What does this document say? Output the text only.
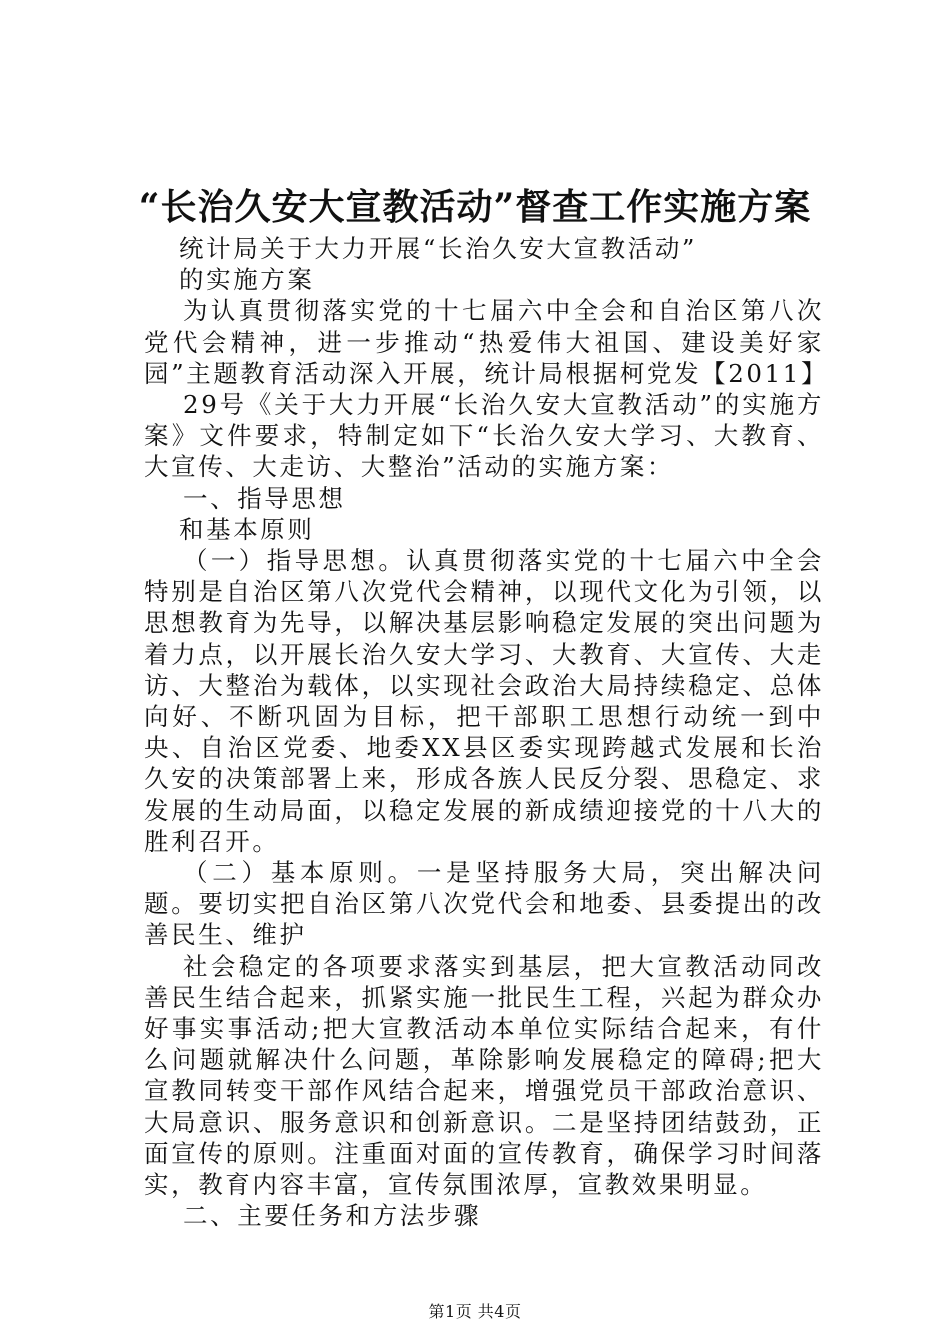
“长治久安大宣教活动”督查工作实施方案

统计局关于大力开展“长治久安大宣教活动”

的实施方案

为认真贯彻落实党的十七届六中全会和自治区第八次党代会精神，进一步推动“热爱伟大祖国、建设美好家园”主题教育活动深入开展，统计局根据柯党发【2011】

29号《关于大力开展“长治久安大宣教活动”的实施方案》文件要求，特制定如下“长治久安大学习、大教育、大宣传、大走访、大整治”活动的实施方案：

一、指导思想

和基本原则

（一）指导思想。认真贯彻落实党的十七届六中全会特别是自治区第八次党代会精神，以现代文化为引领，以思想教育为先导，以解决基层影响稳定发展的突出问题为着力点，以开展长治久安大学习、大教育、大宣传、大走访、大整治为载体，以实现社会政治大局持续稳定、总体向好、不断巩固为目标，把干部职工思想行动统一到中央、自治区党委、地委XX县区委实现跨越式发展和长治久安的决策部署上来，形成各族人民反分裂、思稳定、求发展的生动局面，以稳定发展的新成绩迎接党的十八大的胜利召开。

（二）基本原则。一是坚持服务大局，突出解决问题。要切实把自治区第八次党代会和地委、县委提出的改善民生、维护

社会稳定的各项要求落实到基层，把大宣教活动同改善民生结合起来，抓紧实施一批民生工程，兴起为群众办好事实事活动;把大宣教活动本单位实际结合起来，有什么问题就解决什么问题，革除影响发展稳定的障碍;把大宣教同转变干部作风结合起来，增强党员干部政治意识、大局意识、服务意识和创新意识。二是坚持团结鼓劲，正面宣传的原则。注重面对面的宣传教育，确保学习时间落实，教育内容丰富，宣传氛围浓厚，宣教效果明显。

二、主要任务和方法步骤

第1页 共4页
